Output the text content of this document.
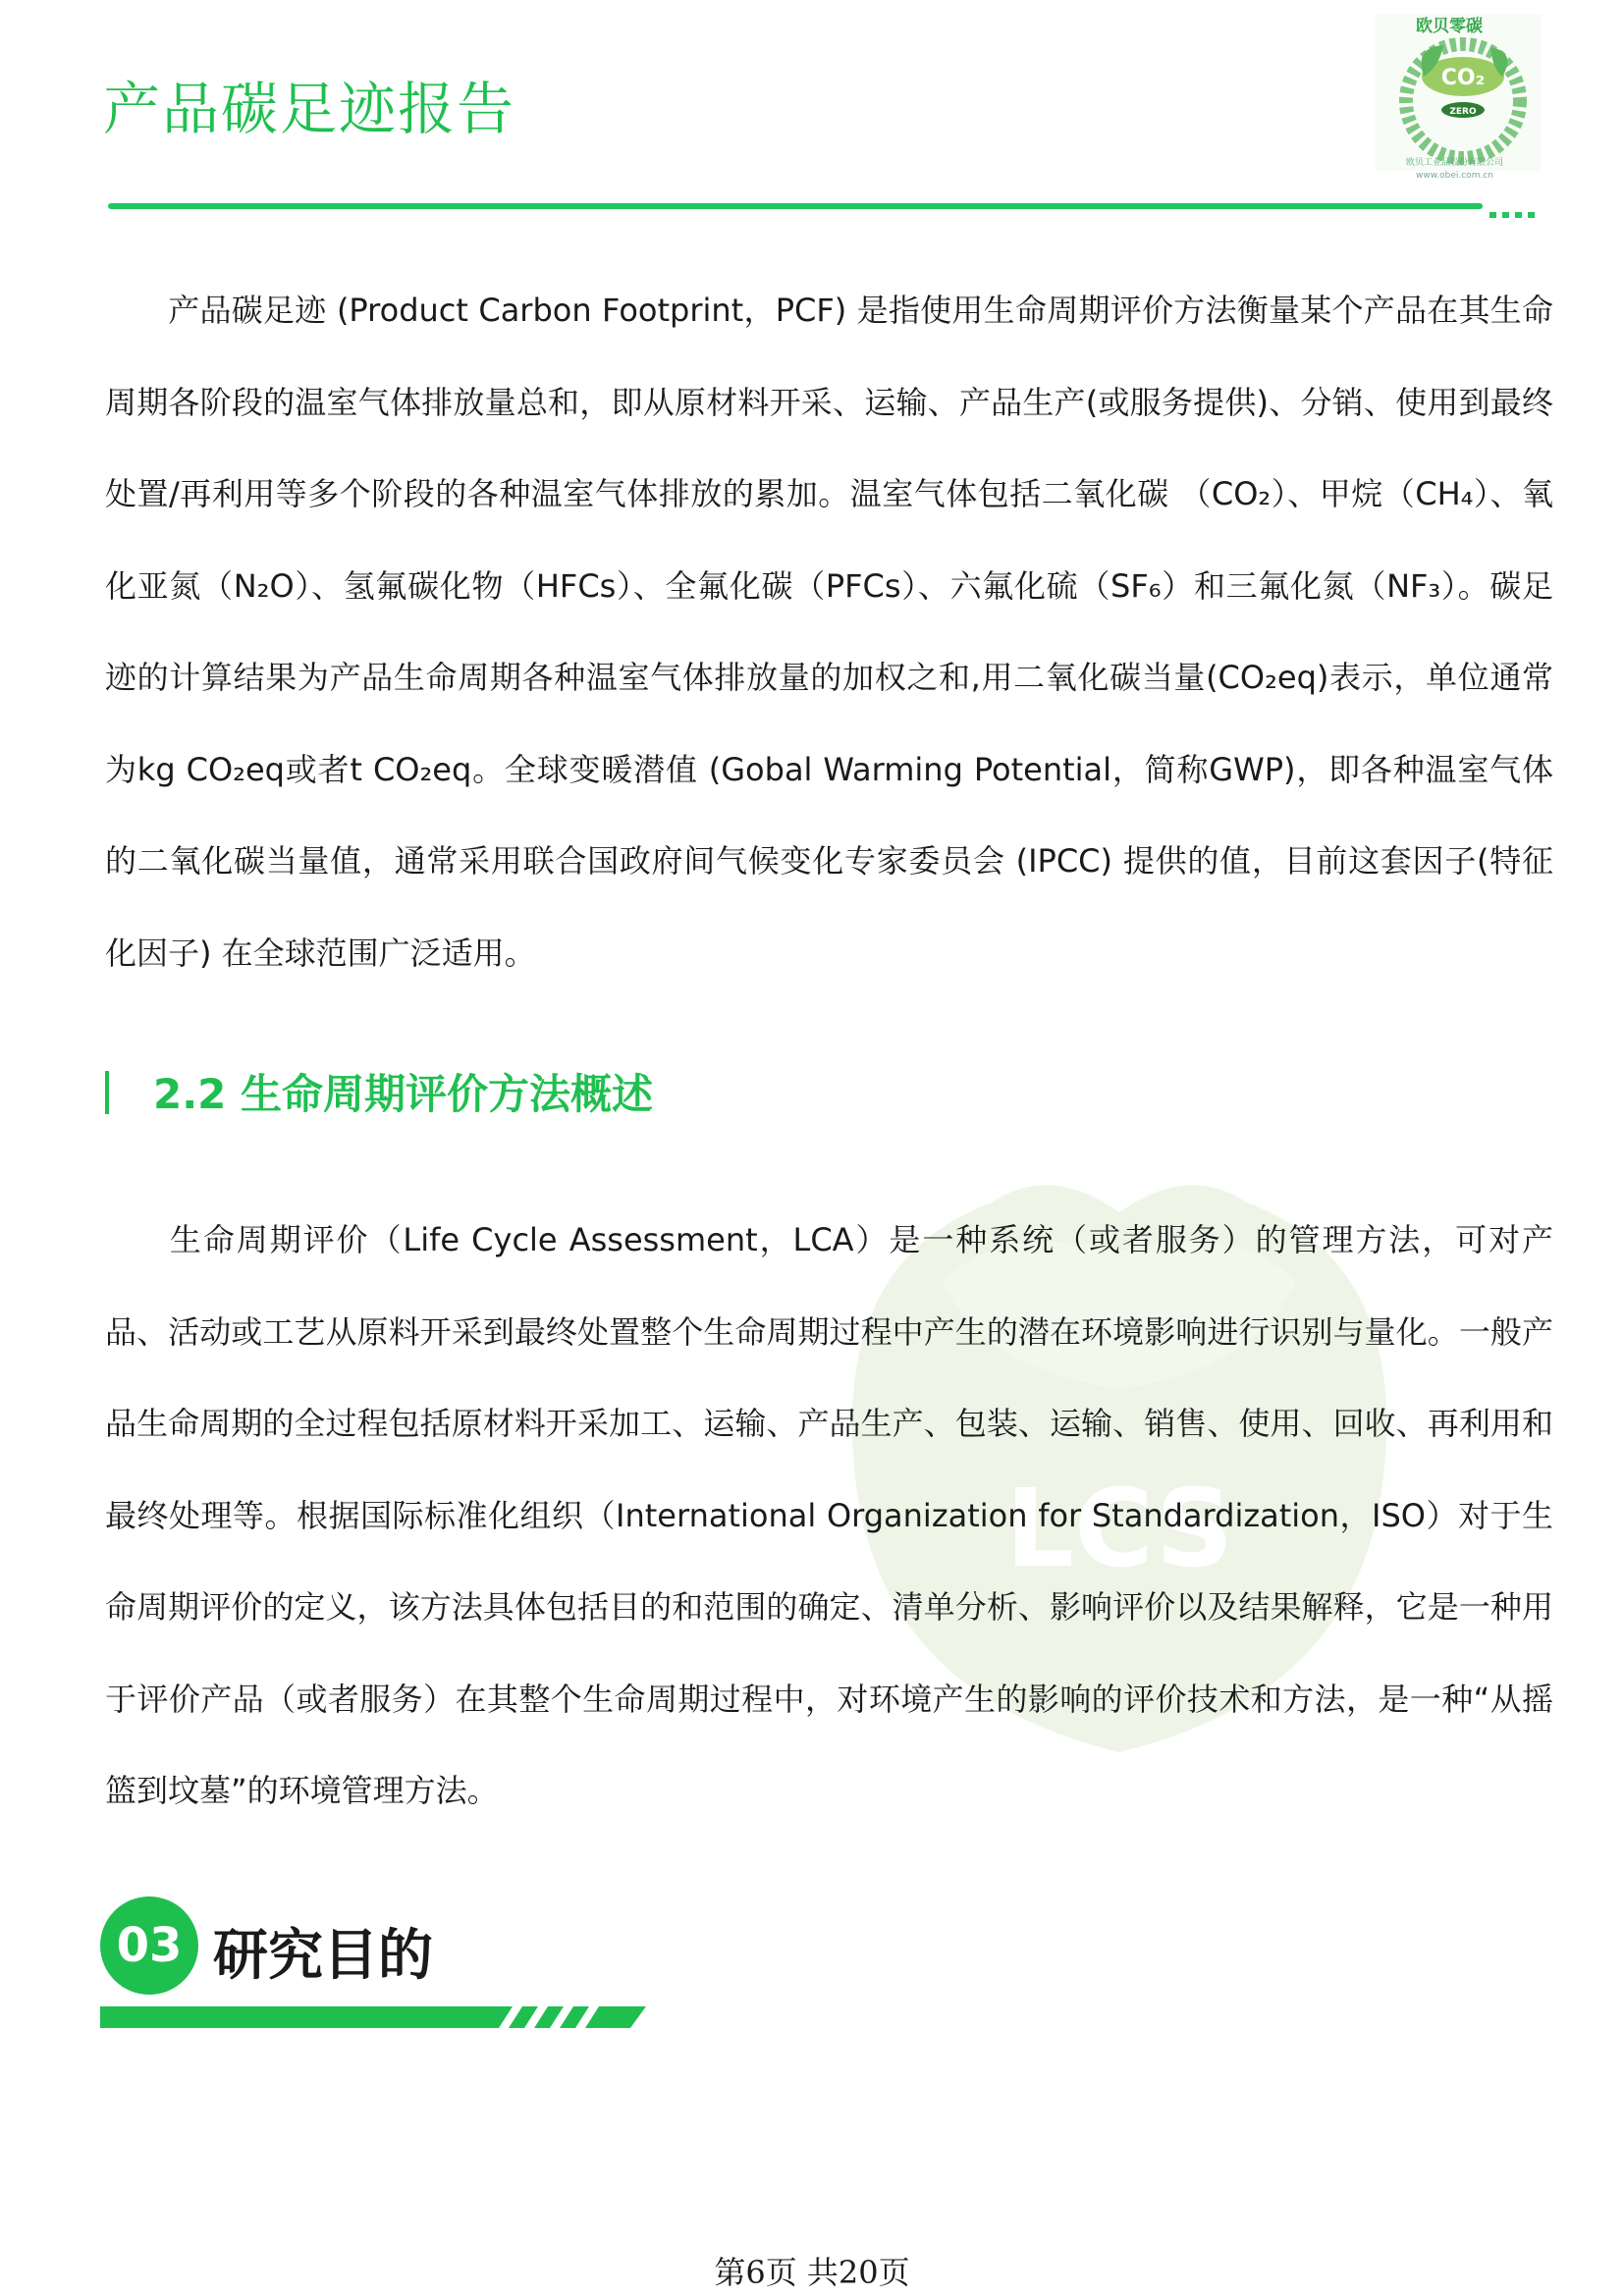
产品碳足迹报告	CO₂
ZERO
欧贝零碳
欧贝工业品股份有限公司
www.obei.com.cn
LCS
产品碳足迹 (Product Carbon Footprint，PCF) 是指使用生命周期评价方法衡量某个产品在其生命周期各阶段的温室气体排放量总和，即从原材料开采、运输、产品生产(或服务提供)、分销、使用到最终处置/再利用等多个阶段的各种温室气体排放的累加。温室气体包括二氧化碳 （CO₂）、甲烷（CH₄）、氧化亚氮（N₂O）、氢氟碳化物（HFCs）、全氟化碳（PFCs）、六氟化硫（SF₆）和三氟化氮（NF₃）。碳足迹的计算结果为产品生命周期各种温室气体排放量的加权之和,用二氧化碳当量(CO₂eq)表示，单位通常为kg CO₂eq或者t CO₂eq。全球变暖潜值 (Gobal Warming Potential，简称GWP)，即各种温室气体的二氧化碳当量值，通常采用联合国政府间气候变化专家委员会 (IPCC) 提供的值，目前这套因子(特征化因子) 在全球范围广泛适用。
2.2 生命周期评价方法概述
生命周期评价（Life Cycle Assessment，LCA）是一种系统（或者服务）的管理方法，可对产品、活动或工艺从原料开采到最终处置整个生命周期过程中产生的潜在环境影响进行识别与量化。一般产品生命周期的全过程包括原材料开采加工、运输、产品生产、包装、运输、销售、使用、回收、再利用和最终处理等。根据国际标准化组织（International Organization for Standardization，ISO）对于生命周期评价的定义，该方法具体包括目的和范围的确定、清单分析、影响评价以及结果解释，它是一种用于评价产品（或者服务）在其整个生命周期过程中，对环境产生的影响的评价技术和方法，是一种“从摇篮到坟墓”的环境管理方法。
03 研究目的
第6页 共20页
